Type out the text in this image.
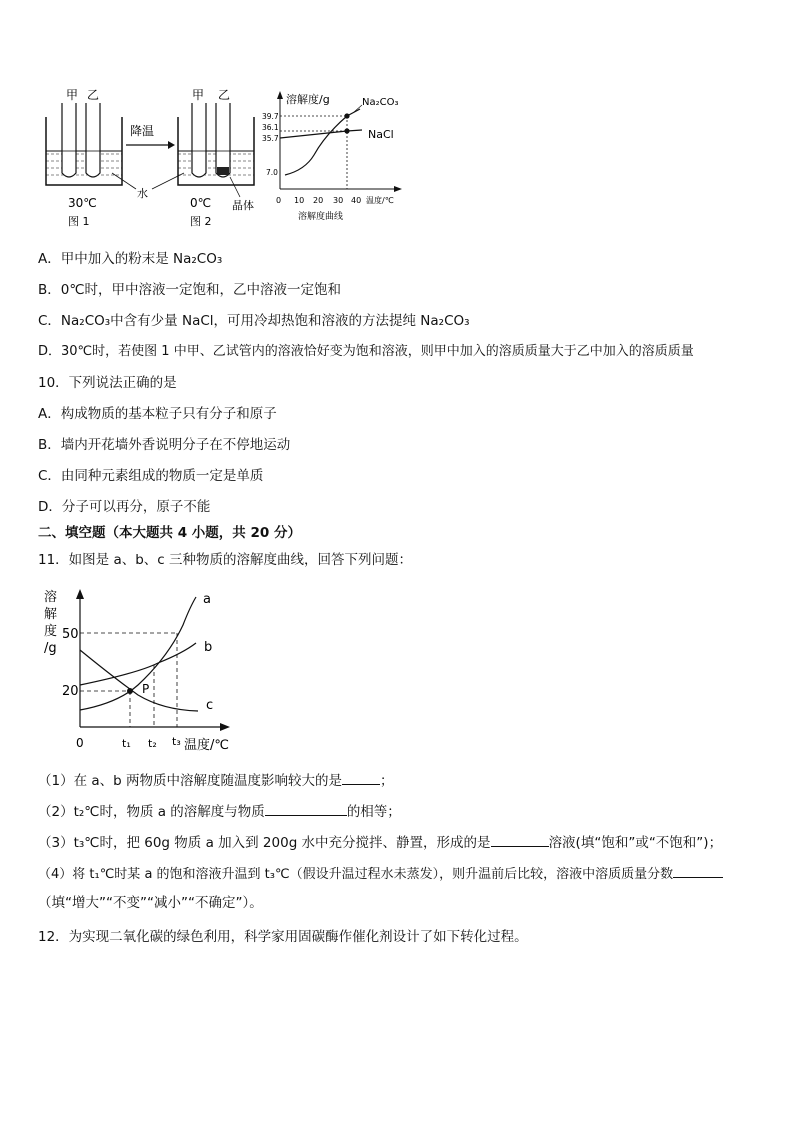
甲 乙
30℃
图 1
降温
甲 乙
0℃
图 2
晶体
水
溶解度/g
39.7
36.1
35.7
7.0
Na₂CO₃
NaCl
0 10 20 30 40 温度/℃
溶解度曲线
A．甲中加入的粉末是 Na₂CO₃
B．0℃时，甲中溶液一定饱和，乙中溶液一定饱和
C．Na₂CO₃中含有少量 NaCl，可用冷却热饱和溶液的方法提纯 Na₂CO₃
D．30℃时，若使图 1 中甲、乙试管内的溶液恰好变为饱和溶液，则甲中加入的溶质质量大于乙中加入的溶质质量
10．下列说法正确的是
A．构成物质的基本粒子只有分子和原子
B．墙内开花墙外香说明分子在不停地运动
C．由同种元素组成的物质一定是单质
D．分子可以再分，原子不能
二、填空题（本大题共 4 小题，共 20 分）
11．如图是 a、b、c 三种物质的溶解度曲线，回答下列问题：
溶
解
度
/g
50
20
0	t₁ t₂ t₃ 温度/℃
P
a
b
c
（1）在 a、b 两物质中溶解度随温度影响较大的是	；
（2）t₂℃时，物质 a 的溶解度与物质	的相等；
（3）t₃℃时，把 60g 物质 a 加入到 200g 水中充分搅拌、静置，形成的是	溶液(填“饱和”或“不饱和”)；
（4）将 t₁℃时某 a 的饱和溶液升温到 t₃℃（假设升温过程水未蒸发），则升温前后比较，溶液中溶质质量分数
（填“增大”“不变”“减小”“不确定”）。
12．为实现二氧化碳的绿色利用，科学家用固碳酶作催化剂设计了如下转化过程。
